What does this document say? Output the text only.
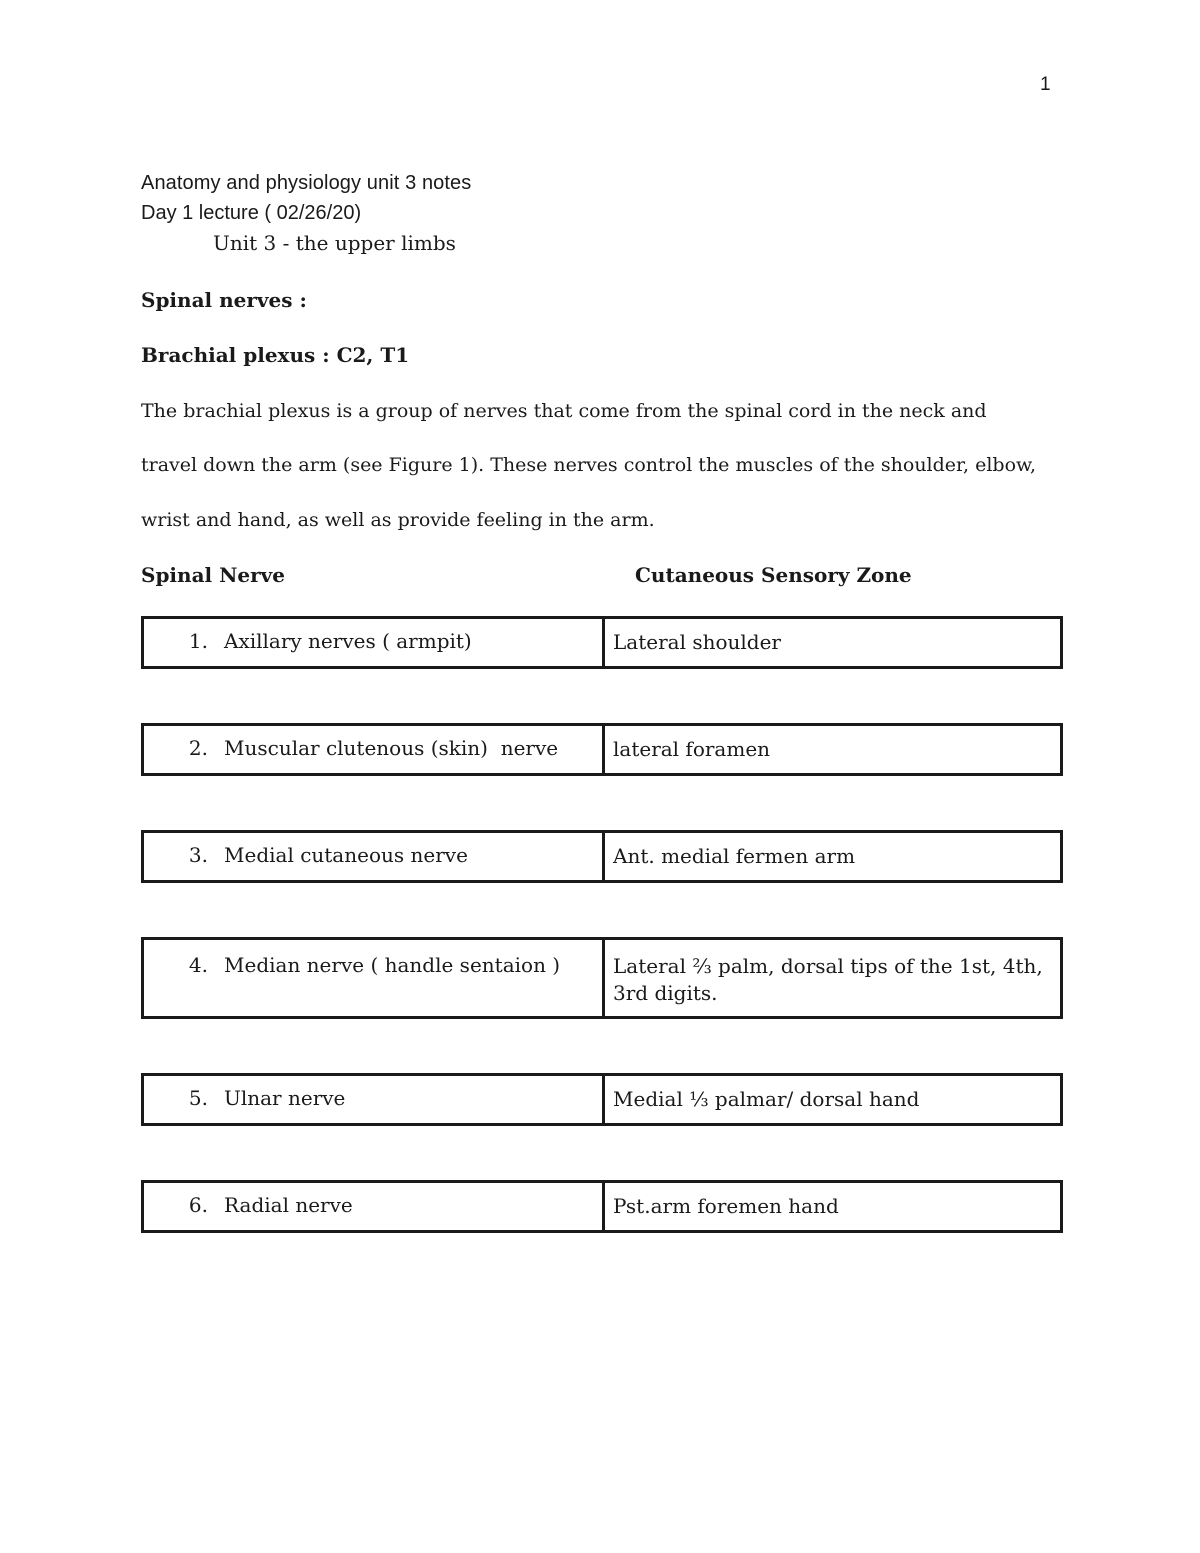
1
Anatomy and physiology unit 3 notes
Day 1 lecture ( 02/26/20)
Unit 3 - the upper limbs
Spinal nerves :
Brachial plexus : C2, T1
The brachial plexus is a group of nerves that come from the spinal cord in the neck and
travel down the arm (see Figure 1). These nerves control the muscles of the shoulder, elbow,
wrist and hand, as well as provide feeling in the arm.
Spinal Nerve	Cutaneous Sensory Zone
1. Axillary nerves ( armpit)	Lateral shoulder
2. Muscular clutenous (skin)  nerve	lateral foramen
3. Medial cutaneous nerve	Ant. medial fermen arm
4. Median nerve ( handle sentaion )	Lateral ⅔ palm, dorsal tips of the 1st, 4th, 3rd digits.
5. Ulnar nerve	Medial ⅓ palmar/ dorsal hand
6. Radial nerve	Pst.arm foremen hand
